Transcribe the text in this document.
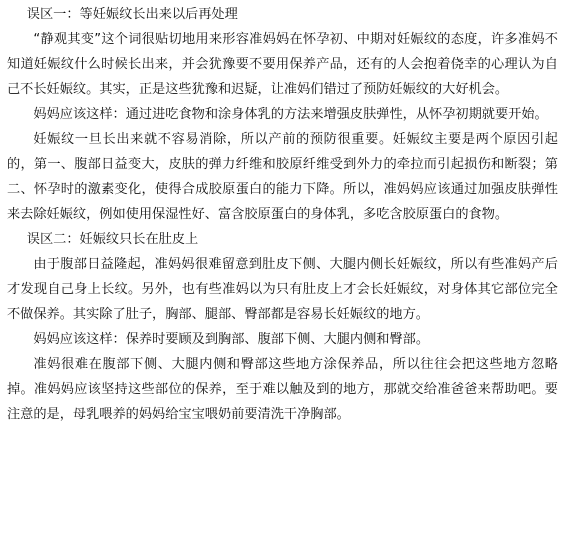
误区一：等妊娠纹长出来以后再处理

“静观其变”这个词很贴切地用来形容准妈妈在怀孕初、中期对妊娠纹的态度，许多准妈不知道妊娠纹什么时候长出来，并会犹豫要不要用保养产品，还有的人会抱着侥幸的心理认为自己不长妊娠纹。其实，正是这些犹豫和迟疑，让准妈们错过了预防妊娠纹的大好机会。

妈妈应该这样：通过进吃食物和涂身体乳的方法来增强皮肤弹性，从怀孕初期就要开始。

妊娠纹一旦长出来就不容易消除，所以产前的预防很重要。妊娠纹主要是两个原因引起的，第一、腹部日益变大，皮肤的弹力纤维和胶原纤维受到外力的牵拉而引起损伤和断裂；第二、怀孕时的激素变化，使得合成胶原蛋白的能力下降。所以，准妈妈应该通过加强皮肤弹性来去除妊娠纹，例如使用保湿性好、富含胶原蛋白的身体乳，多吃含胶原蛋白的食物。

误区二：妊娠纹只长在肚皮上

由于腹部日益隆起，准妈妈很难留意到肚皮下侧、大腿内侧长妊娠纹，所以有些准妈产后才发现自己身上长纹。另外，也有些准妈以为只有肚皮上才会长妊娠纹，对身体其它部位完全不做保养。其实除了肚子，胸部、腿部、臀部都是容易长妊娠纹的地方。

妈妈应该这样：保养时要顾及到胸部、腹部下侧、大腿内侧和臀部。

准妈很难在腹部下侧、大腿内侧和臀部这些地方涂保养品，所以往往会把这些地方忽略掉。准妈妈应该坚持这些部位的保养，至于难以触及到的地方，那就交给准爸爸来帮助吧。要注意的是，母乳喂养的妈妈给宝宝喂奶前要清洗干净胸部。
